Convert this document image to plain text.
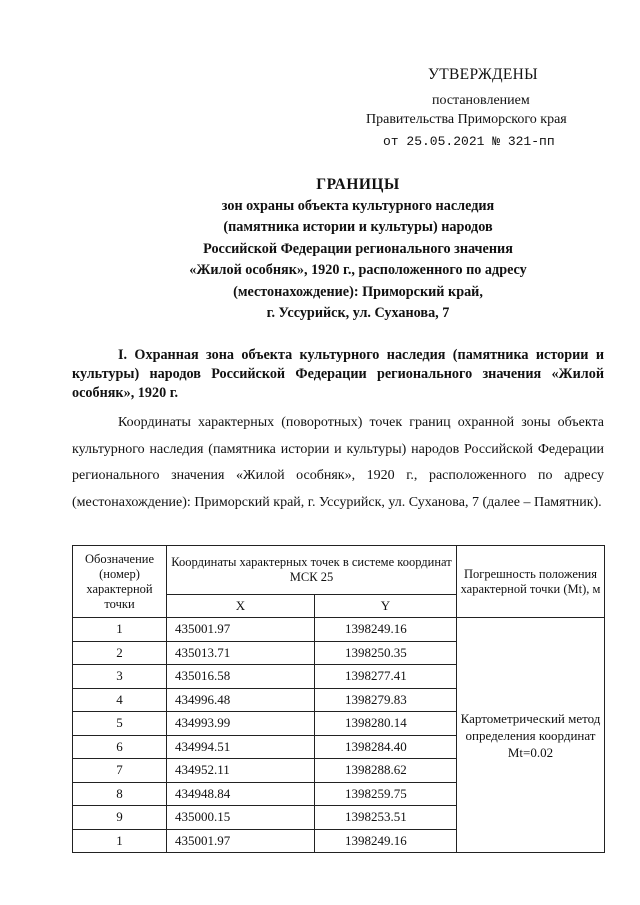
УТВЕРЖДЕНЫ
постановлением
Правительства Приморского края
от 25.05.2021 № 321-пп
ГРАНИЦЫ
зон охраны объекта культурного наследия
(памятника истории и культуры) народов
Российской Федерации регионального значения
«Жилой особняк», 1920 г., расположенного по адресу
(местонахождение): Приморский край,
г. Уссурийск, ул. Суханова, 7
I. Охранная зона объекта культурного наследия (памятника истории и культуры) народов Российской Федерации регионального значения «Жилой особняк», 1920 г.
Координаты характерных (поворотных) точек границ охранной зоны объекта культурного наследия (памятника истории и культуры) народов Российской Федерации регионального значения «Жилой особняк», 1920 г., расположенного по адресу (местонахождение): Приморский край, г. Уссурийск, ул. Суханова, 7 (далее – Памятник).
Обозначение (номер) характерной точки	Координаты характерных точек в системе координат МСК 25		Погрешность положения характерной точки (Mt), м
	X	Y	
1	435001.97	1398249.16	Картометрический метод определения координат Mt=0.02
2	435013.71	1398250.35	
3	435016.58	1398277.41	
4	434996.48	1398279.83	
5	434993.99	1398280.14	
6	434994.51	1398284.40	
7	434952.11	1398288.62	
8	434948.84	1398259.75	
9	435000.15	1398253.51	
1	435001.97	1398249.16	
